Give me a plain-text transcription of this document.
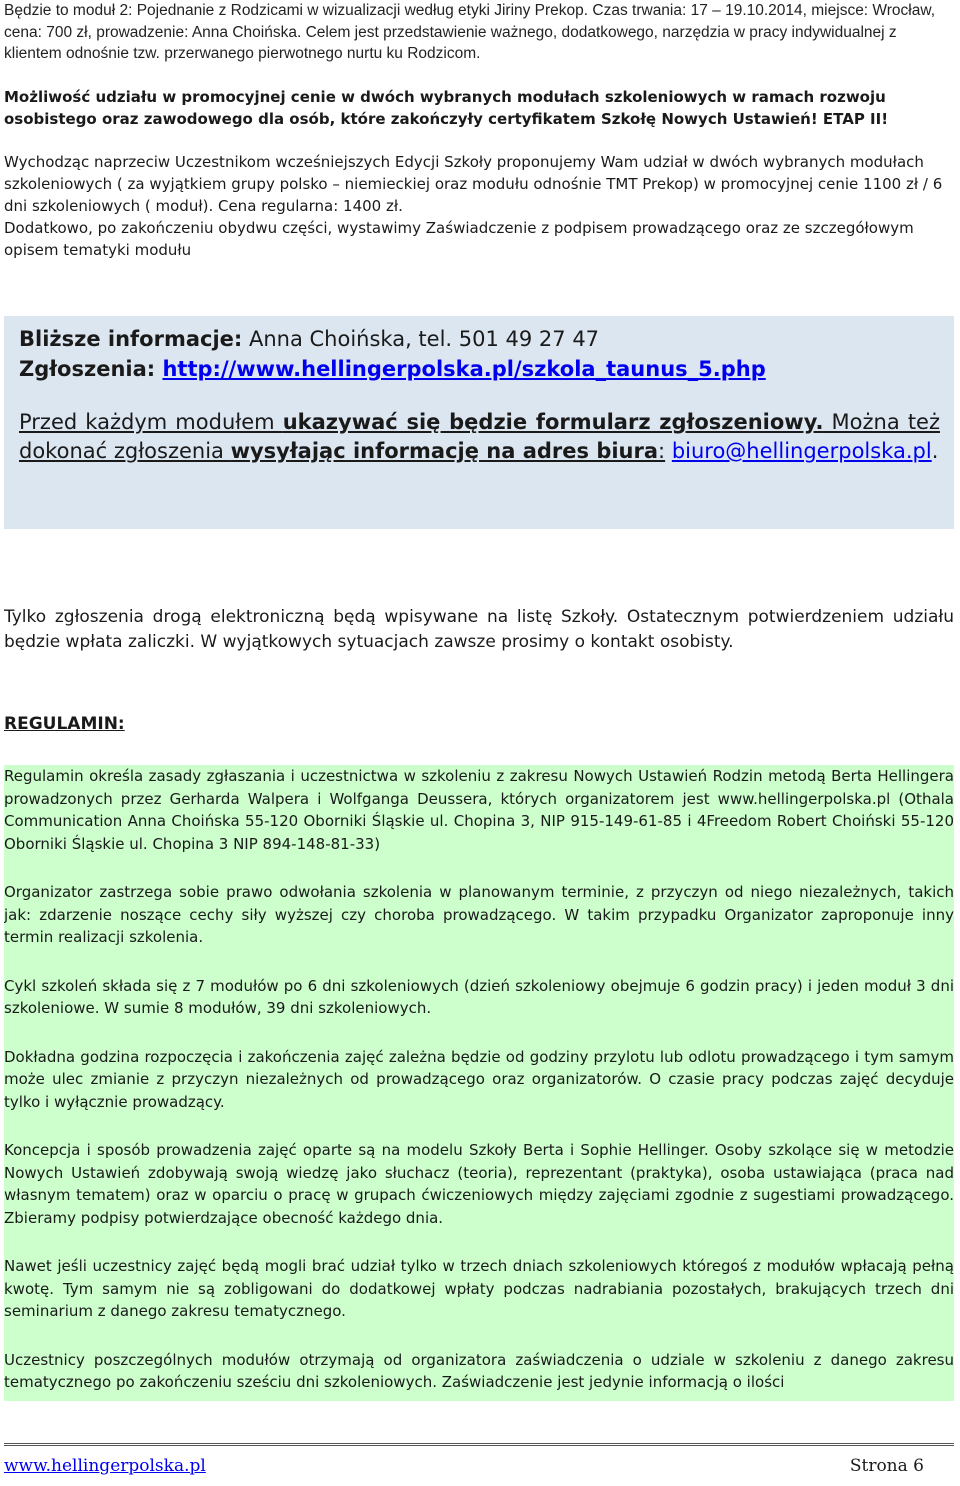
Będzie to moduł 2: Pojednanie z Rodzicami w wizualizacji według etyki Jiriny Prekop. Czas trwania: 17 – 19.10.2014, miejsce: Wrocław, cena: 700 zł, prowadzenie: Anna Choińska. Celem jest przedstawienie ważnego, dodatkowego, narzędzia w pracy indywidualnej z klientem odnośnie tzw. przerwanego pierwotnego nurtu ku Rodzicom.
Możliwość udziału w promocyjnej cenie w dwóch wybranych modułach szkoleniowych w ramach rozwoju osobistego oraz zawodowego dla osób, które zakończyły certyfikatem Szkołę Nowych Ustawień! ETAP II!
Wychodząc naprzeciw Uczestnikom wcześniejszych Edycji Szkoły proponujemy Wam udział w dwóch wybranych modułach szkoleniowych ( za wyjątkiem grupy polsko – niemieckiej oraz modułu odnośnie TMT Prekop) w promocyjnej cenie 1100 zł / 6 dni szkoleniowych ( moduł). Cena regularna: 1400 zł.
Dodatkowo, po zakończeniu obydwu części, wystawimy Zaświadczenie z podpisem prowadzącego oraz ze szczegółowym opisem tematyki modułu
Bliższe informacje: Anna Choińska, tel. 501 49 27 47
Zgłoszenia: http://www.hellingerpolska.pl/szkola_taunus_5.php
Przed każdym modułem ukazywać się będzie formularz zgłoszeniowy. Można też dokonać zgłoszenia wysyłając informację na adres biura: biuro@hellingerpolska.pl.
Tylko zgłoszenia drogą elektroniczną będą wpisywane na listę Szkoły. Ostatecznym potwierdzeniem udziału będzie wpłata zaliczki. W wyjątkowych sytuacjach zawsze prosimy o kontakt osobisty.
REGULAMIN:

Regulamin określa zasady zgłaszania i uczestnictwa w szkoleniu z zakresu Nowych Ustawień Rodzin metodą Berta Hellingera prowadzonych przez Gerharda Walpera i Wolfganga Deussera, których organizatorem jest www.hellingerpolska.pl (Othala Communication Anna Choińska 55-120 Oborniki Śląskie ul. Chopina 3, NIP 915-149-61-85 i 4Freedom Robert Choiński 55-120 Oborniki Śląskie ul. Chopina 3 NIP 894-148-81-33)

Organizator zastrzega sobie prawo odwołania szkolenia w planowanym terminie, z przyczyn od niego niezależnych, takich jak: zdarzenie noszące cechy siły wyższej czy choroba prowadzącego. W takim przypadku Organizator zaproponuje inny termin realizacji szkolenia.

Cykl szkoleń składa się z 7 modułów po 6 dni szkoleniowych (dzień szkoleniowy obejmuje 6 godzin pracy) i jeden moduł 3 dni szkoleniowe. W sumie 8 modułów, 39 dni szkoleniowych.

Dokładna godzina rozpoczęcia i zakończenia zajęć zależna będzie od godziny przylotu lub odlotu prowadzącego i tym samym może ulec zmianie z przyczyn niezależnych od prowadzącego oraz organizatorów. O czasie pracy podczas zajęć decyduje tylko i wyłącznie prowadzący.

Koncepcja i sposób prowadzenia zajęć oparte są na modelu Szkoły Berta i Sophie Hellinger. Osoby szkolące się w metodzie Nowych Ustawień zdobywają swoją wiedzę jako słuchacz (teoria), reprezentant (praktyka), osoba ustawiająca (praca nad własnym tematem) oraz w oparciu o pracę w grupach ćwiczeniowych między zajęciami zgodnie z sugestiami prowadzącego. Zbieramy podpisy potwierdzające obecność każdego dnia.

Nawet jeśli uczestnicy zajęć będą mogli brać udział tylko w trzech dniach szkoleniowych któregoś z modułów wpłacają pełną kwotę. Tym samym nie są zobligowani do dodatkowej wpłaty podczas nadrabiania pozostałych, brakujących trzech dni seminarium z danego zakresu tematycznego.

Uczestnicy poszczególnych modułów otrzymają od organizatora zaświadczenia o udziale w szkoleniu z danego zakresu tematycznego po zakończeniu sześciu dni szkoleniowych. Zaświadczenie jest jedynie informacją o ilości

www.hellingerpolska.pl	Strona 6
